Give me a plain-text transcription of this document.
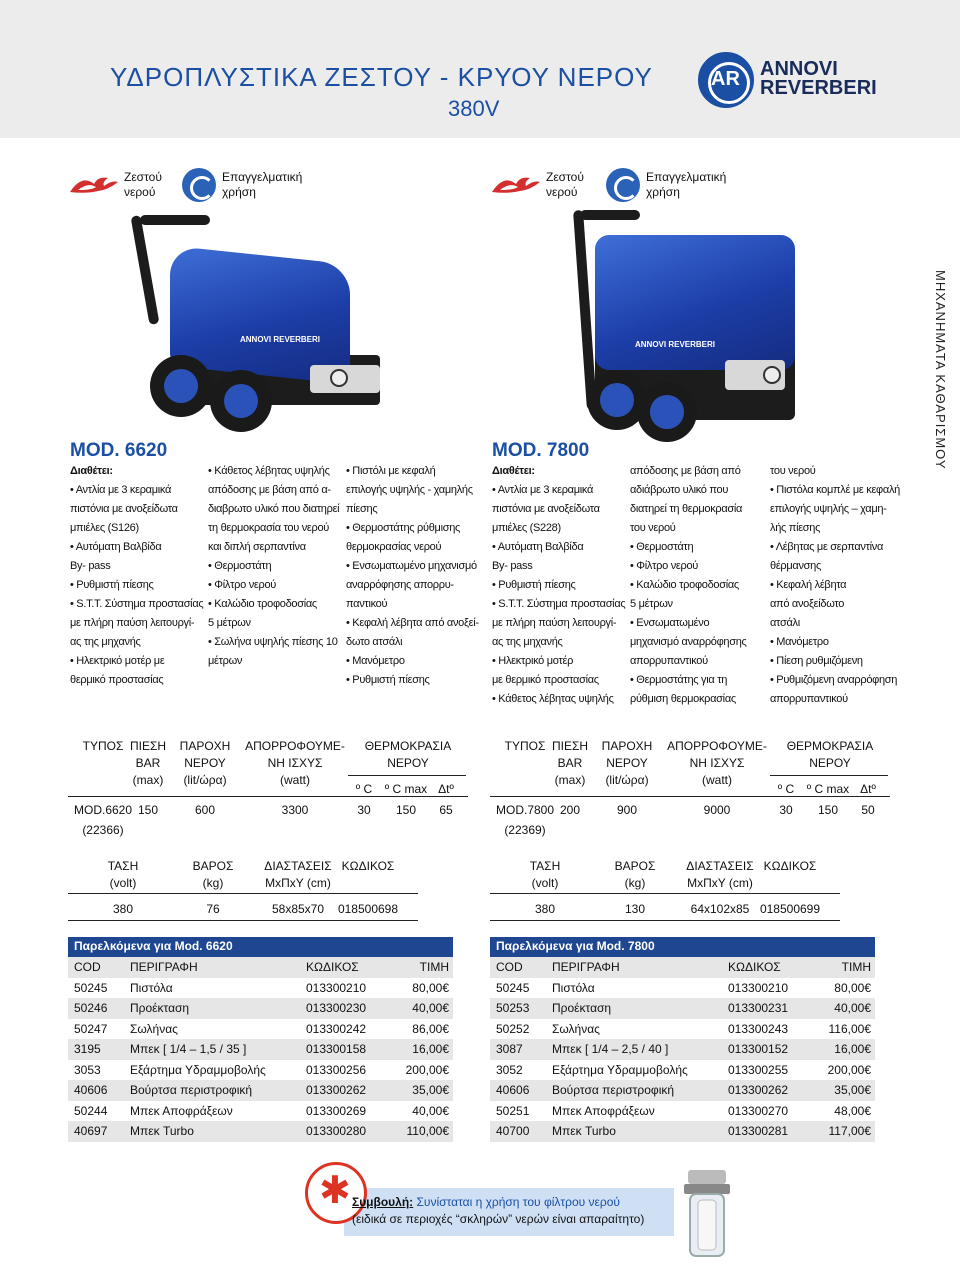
ΥΔΡΟΠΛΥΣΤΙΚΑ ΖΕΣΤΟΥ - ΚΡΥΟΥ ΝΕΡΟΥ
380V
AR ANNOVI
REVERBERI
ΜΗΧΑΝΗΜΑΤΑ ΚΑΘΑΡΙΣΜΟΥ
Ζεστού
νερού
Επαγγελματική
χρήση
Ζεστού
νερού
Επαγγελματική
χρήση
ANNOVI REVERBERI
ANNOVI REVERBERI
MOD. 6620
Διαθέτει:
• Αντλία με 3 κεραμικά
πιστόνια με ανοξείδωτα
μπιέλες (S126)
• Αυτόματη Βαλβίδα
By- pass
• Ρυθμιστή πίεσης
• S.T.T. Σύστημα προστασίας
με πλήρη παύση λειτουργί-
ας της μηχανής
• Ηλεκτρικό μοτέρ με
θερμικό προστασίας
• Κάθετος λέβητας υψηλής
απόδοσης με βάση από α-
διαβρωτο υλικό που διατηρεί
τη θερμοκρασία του νερού
και διπλή σερπαντίνα
• Θερμοστάτη
• Φίλτρο νερού
• Καλώδιο τροφοδοσίας
5 μέτρων
• Σωλήνα υψηλής πίεσης 10
μέτρων
• Πιστόλι με κεφαλή
επιλογής υψηλής - χαμηλής
πίεσης
• Θερμοστάτης ρύθμισης
θερμοκρασίας νερού
• Ενσωματωμένο μηχανισμό
αναρρόφησης απορρυ-
παντικού
• Κεφαλή λέβητα από ανοξεί-
δωτο ατσάλι
• Μανόμετρο
• Ρυθμιστή πίεσης
MOD. 7800
Διαθέτει:
• Αντλία με 3 κεραμικά
πιστόνια με ανοξείδωτα
μπιέλες (S228)
• Αυτόματη Βαλβίδα
By- pass
• Ρυθμιστή πίεσης
• S.T.T. Σύστημα προστασίας
με πλήρη παύση λειτουργί-
ας της μηχανής
• Ηλεκτρικό μοτέρ
με θερμικό προστασίας
• Κάθετος λέβητας υψηλής
απόδοσης με βάση από
αδιάβρωτο υλικό που
διατηρεί τη θερμοκρασία
του νερού
• Θερμοστάτη
• Φίλτρο νερού
• Καλώδιο τροφοδοσίας
5 μέτρων
• Ενσωματωμένο
μηχανισμό αναρρόφησης
απορρυπαντικού
• Θερμοστάτης για τη
ρύθμιση θερμοκρασίας
του νερού
• Πιστόλα κομπλέ με κεφαλή
επιλογής υψηλής – χαμη-
λής πίεσης
• Λέβητας με σερπαντίνα
θέρμανσης
• Κεφαλή λέβητα
από ανοξείδωτο
ατσάλι
• Μανόμετρο
• Πίεση ρυθμιζόμενη
• Ρυθμιζόμενη αναρρόφηση
απορρυπαντικού
ΤΥΠΟΣ ΠΙΕΣΗ
BAR
(max)
ΠΑΡΟΧΗ
ΝΕΡΟΥ
(lit/ώρα)
ΑΠΟΡΡΟΦΟΥΜΕ-
ΝΗ ΙΣΧΥΣ
(watt)
ΘΕΡΜΟΚΡΑΣΙΑ
ΝΕΡΟΥ
º C	º C max Δtº
MOD.6620
(22366)
150	600	3300	30	150	65
ΤΑΣΗ
(volt)
ΒΑΡΟΣ
(kg)
ΔΙΑΣΤΑΣΕΙΣ
ΜxΠxΥ (cm)
ΚΩΔΙΚΟΣ
380	76	58x85x70	018500698
ΤΥΠΟΣ ΠΙΕΣΗ
BAR
(max)
ΠΑΡΟΧΗ
ΝΕΡΟΥ
(lit/ώρα)
ΑΠΟΡΡΟΦΟΥΜΕ-
ΝΗ ΙΣΧΥΣ
(watt)
ΘΕΡΜΟΚΡΑΣΙΑ
ΝΕΡΟΥ
º C	º C max Δtº
MOD.7800
(22369)
200	900	9000	30	150	50
ΤΑΣΗ
(volt)
ΒΑΡΟΣ
(kg)
ΔΙΑΣΤΑΣΕΙΣ
ΜxΠxΥ (cm)
ΚΩΔΙΚΟΣ
380	130	64x102x85 018500699
Παρελκόμενα για Mod. 6620
COD	ΠΕΡΙΓΡΑΦΗ	ΚΩΔΙΚΟΣ	ΤΙΜΗ
50245	Πιστόλα	013300210	80,00€
50246	Προέκταση	013300230	40,00€
50247	Σωλήνας	013300242	86,00€
3195	Μπεκ [ 1/4 – 1,5 / 35 ]	013300158	16,00€
3053	Εξάρτημα Υδραμμοβολής	013300256	200,00€
40606	Βούρτσα περιστροφική	013300262	35,00€
50244	Μπεκ Αποφράξεων	013300269	40,00€
40697	Μπεκ Turbo	013300280	110,00€
Παρελκόμενα για Mod. 7800
COD	ΠΕΡΙΓΡΑΦΗ	ΚΩΔΙΚΟΣ	ΤΙΜΗ
50245	Πιστόλα	013300210	80,00€
50253	Προέκταση	013300231	40,00€
50252	Σωλήνας	013300243	116,00€
3087	Μπεκ [ 1/4 – 2,5 / 40 ]	013300152	16,00€
3052	Εξάρτημα Υδραμμοβολής	013300255	200,00€
40606	Βούρτσα περιστροφική	013300262	35,00€
50251	Μπεκ Αποφράξεων	013300270	48,00€
40700	Μπεκ Turbo	013300281	117,00€
✱
Συμβουλή: Συνίσταται η χρήση του φίλτρου νερού
(ειδικά σε περιοχές “σκληρών” νερών είναι απαραίτητο)
